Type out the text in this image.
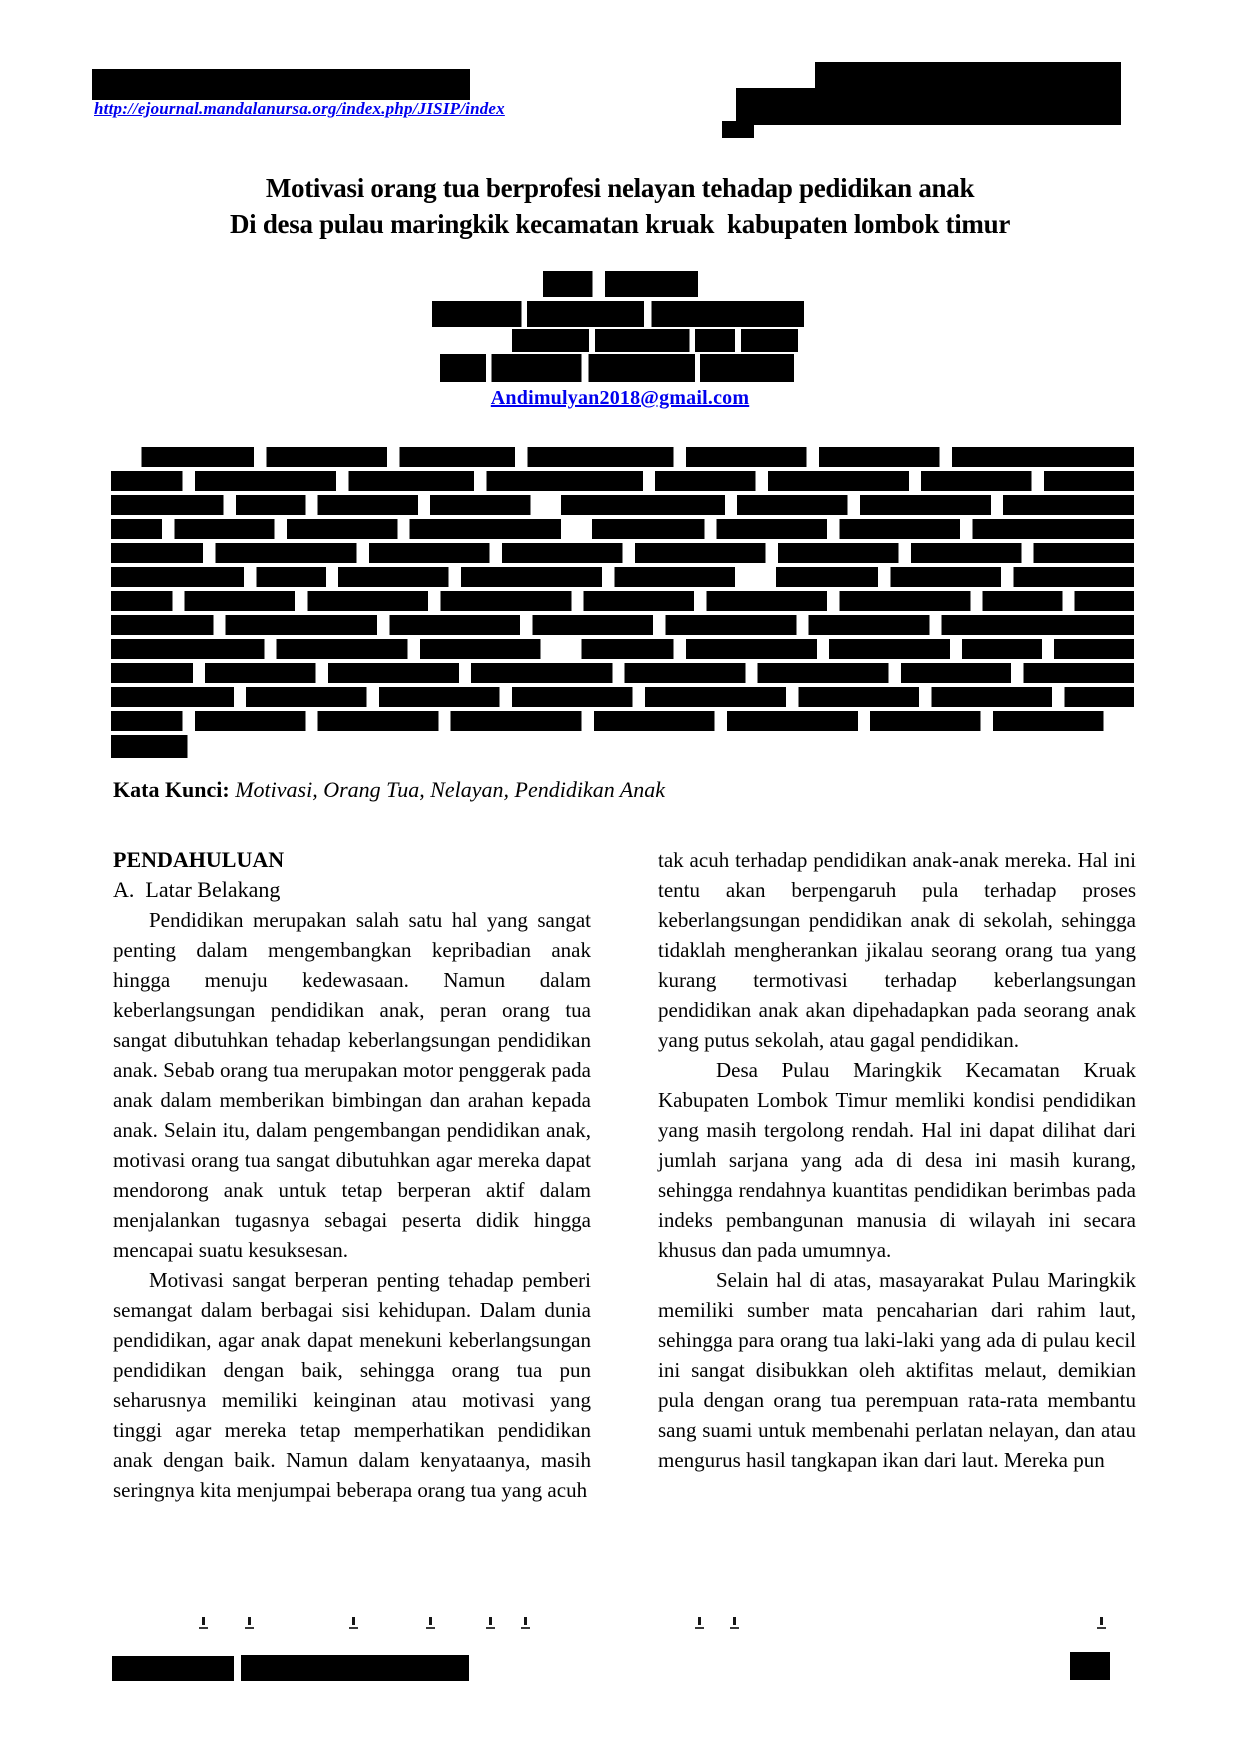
http://ejournal.mandalanursa.org/index.php/JISIP/index
Motivasi orang tua berprofesi nelayan tehadap pedidikan anak
Di desa pulau maringkik kecamatan kruak  kabupaten lombok timur
Andimulyan2018@gmail.com
Kata Kunci: Motivasi, Orang Tua, Nelayan, Pendidikan Anak
PENDAHULUAN
A.  Latar Belakang

Pendidikan merupakan salah satu hal yang sangat penting dalam mengembangkan kepribadian anak hingga menuju kedewasaan. Namun dalam keberlangsungan pendidikan anak, peran orang tua sangat dibutuhkan tehadap keberlangsungan pendidikan anak. Sebab orang tua merupakan motor penggerak pada anak dalam memberikan bimbingan dan arahan kepada anak. Selain itu, dalam pengembangan pendidikan anak, motivasi orang tua sangat dibutuhkan agar mereka dapat mendorong anak untuk tetap berperan aktif dalam menjalankan tugasnya sebagai peserta didik hingga mencapai suatu kesuksesan.

Motivasi sangat berperan penting tehadap pemberi semangat dalam berbagai sisi kehidupan. Dalam dunia pendidikan, agar anak dapat menekuni keberlangsungan pendidikan dengan baik, sehingga orang tua pun seharusnya memiliki keinginan atau motivasi yang tinggi agar mereka tetap memperhatikan pendidikan anak dengan baik. Namun dalam kenyataanya, masih seringnya kita menjumpai beberapa orang tua yang acuh

tak acuh terhadap pendidikan anak-anak mereka. Hal ini tentu akan berpengaruh pula terhadap proses keberlangsungan pendidikan anak di sekolah, sehingga tidaklah mengherankan jikalau seorang orang tua yang kurang termotivasi terhadap keberlangsungan pendidikan anak akan dipehadapkan pada seorang anak yang putus sekolah, atau gagal pendidikan.

Desa Pulau Maringkik Kecamatan Kruak Kabupaten Lombok Timur memliki kondisi pendidikan yang masih tergolong rendah. Hal ini dapat dilihat dari jumlah sarjana yang ada di desa ini masih kurang, sehingga rendahnya kuantitas pendidikan berimbas pada indeks pembangunan manusia di wilayah ini secara khusus dan pada umumnya.

Selain hal di atas, masayarakat Pulau Maringkik memiliki sumber mata pencaharian dari rahim laut, sehingga para orang tua laki-laki yang ada di pulau kecil ini sangat disibukkan oleh aktifitas melaut, demikian pula dengan orang tua perempuan rata-rata membantu sang suami untuk membenahi perlatan nelayan, dan atau mengurus hasil tangkapan ikan dari laut. Mereka pun
